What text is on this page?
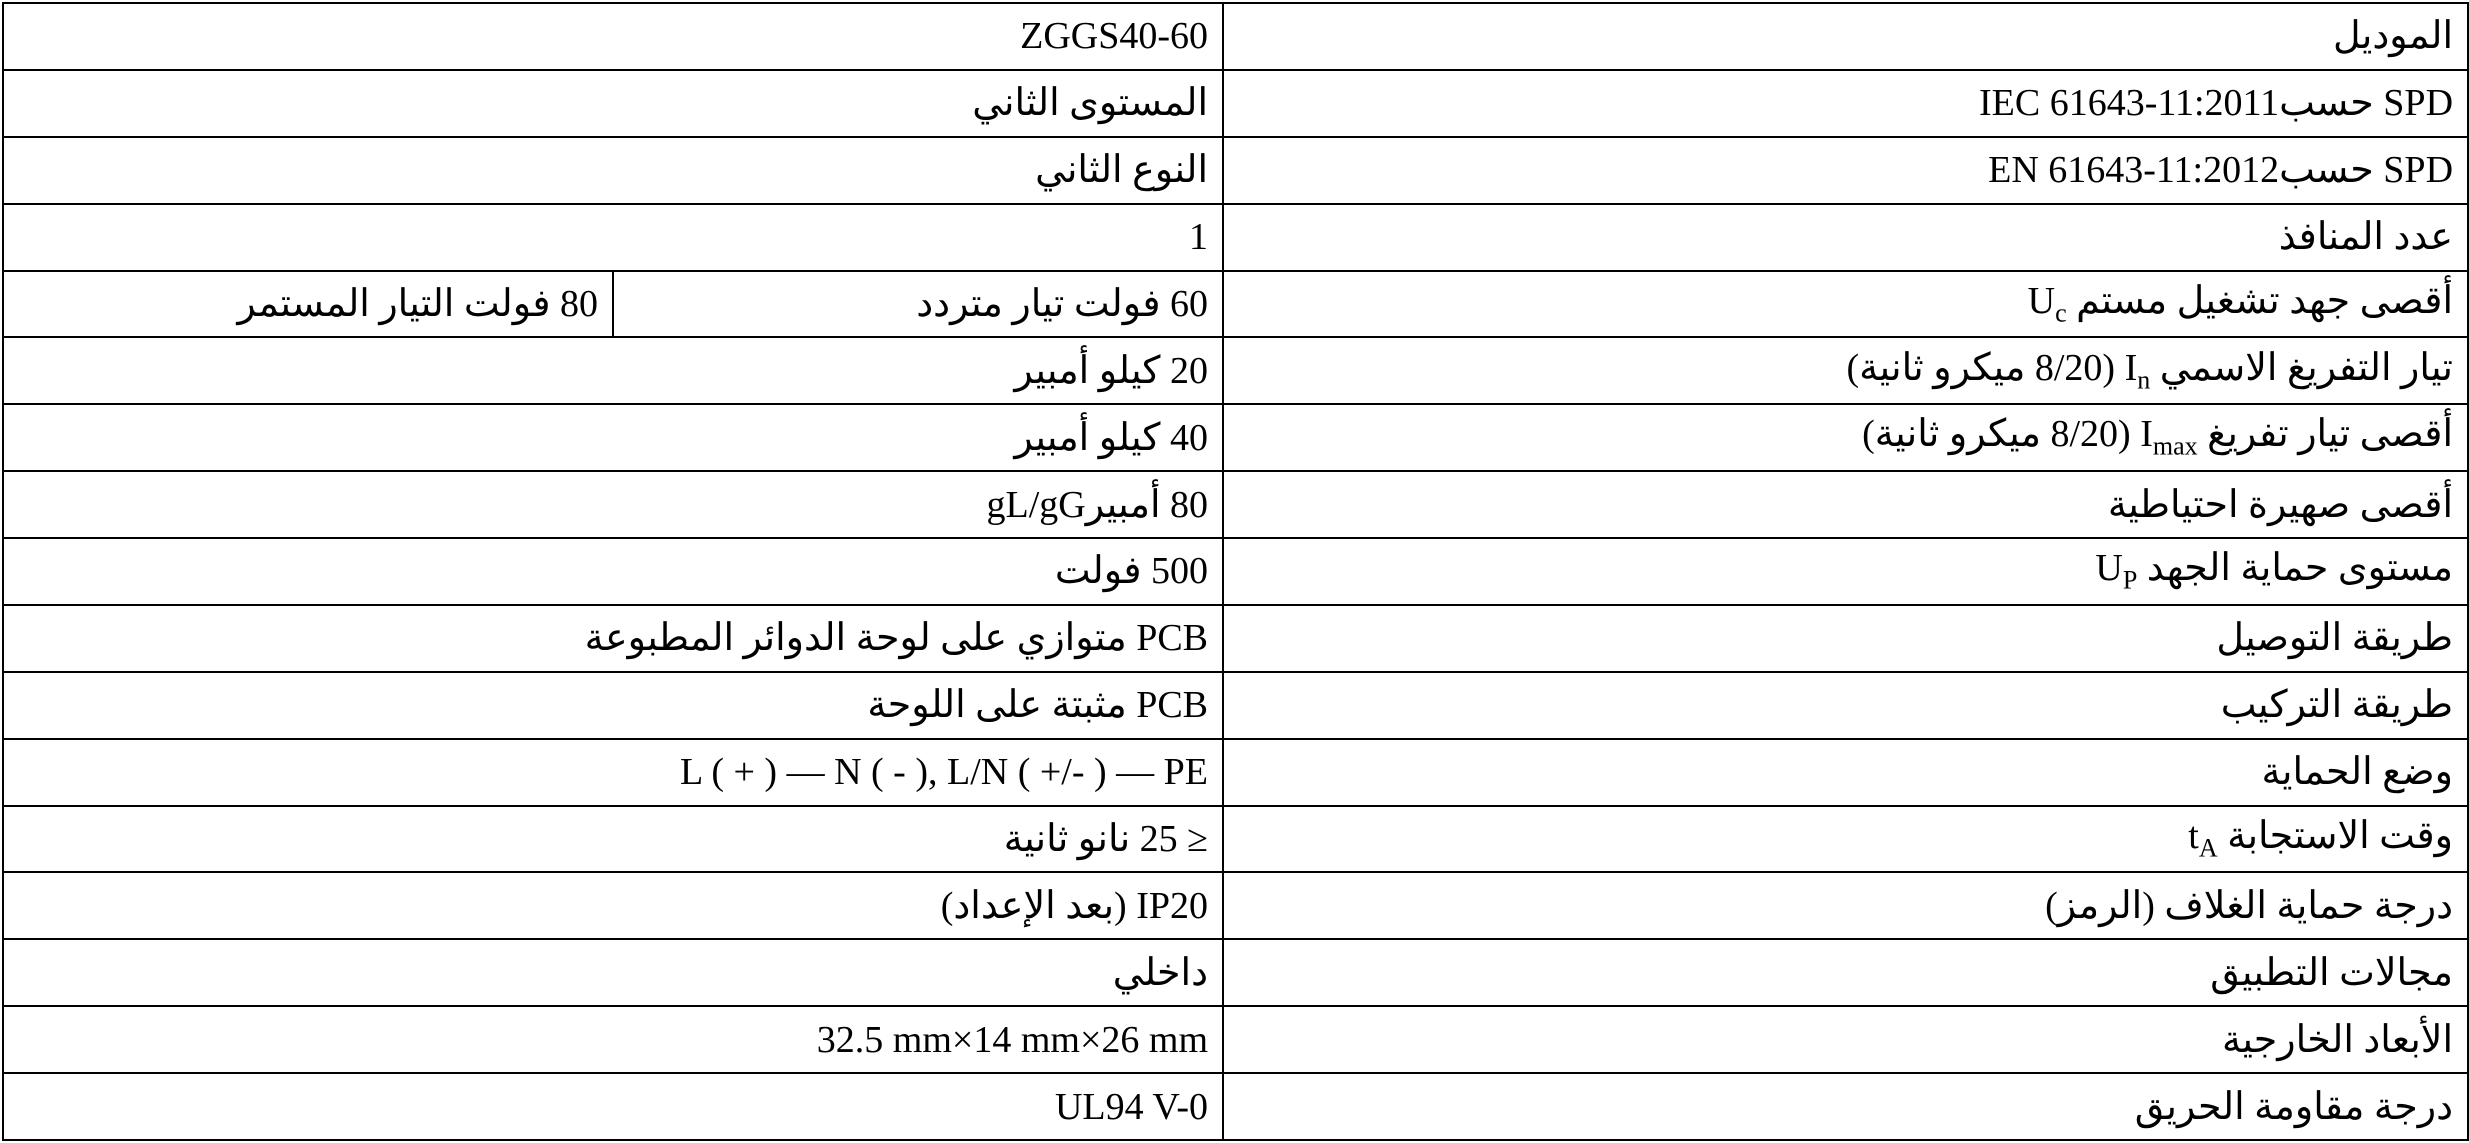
الموديل	ZGGS40-60	
SPD حسبIEC 61643-11:2011	المستوى الثاني	
SPD حسبEN 61643-11:2012	النوع الثاني	
عدد المنافذ	1	
أقصى جهد تشغيل مستم $U_c$	60 فولت تيار متردد	80 فولت التيار المستمر
تيار التفريغ الاسمي $I_n$ (8/20 ميكرو ثانية)	20 كيلو أمبير	
أقصى تيار تفريغ $I_{max}$ (8/20 ميكرو ثانية)	40 كيلو أمبير	
أقصى صهيرة احتياطية	80 أمبيرgL/gG	
مستوى حماية الجهد $U_P$	500 فولت	
طريقة التوصيل	PCB متوازي على لوحة الدوائر المطبوعة	
طريقة التركيب	PCB مثبتة على اللوحة	
وضع الحماية	L ( + ) — N ( - ), L/N ( +/- ) — PE	
وقت الاستجابة $t_A$	≤ 25 نانو ثانية	
درجة حماية الغلاف (الرمز)	IP20 (بعد الإعداد)	
مجالات التطبيق	داخلي	
الأبعاد الخارجية	32.5 mm×14 mm×26 mm	
درجة مقاومة الحريق	UL94 V-0	
